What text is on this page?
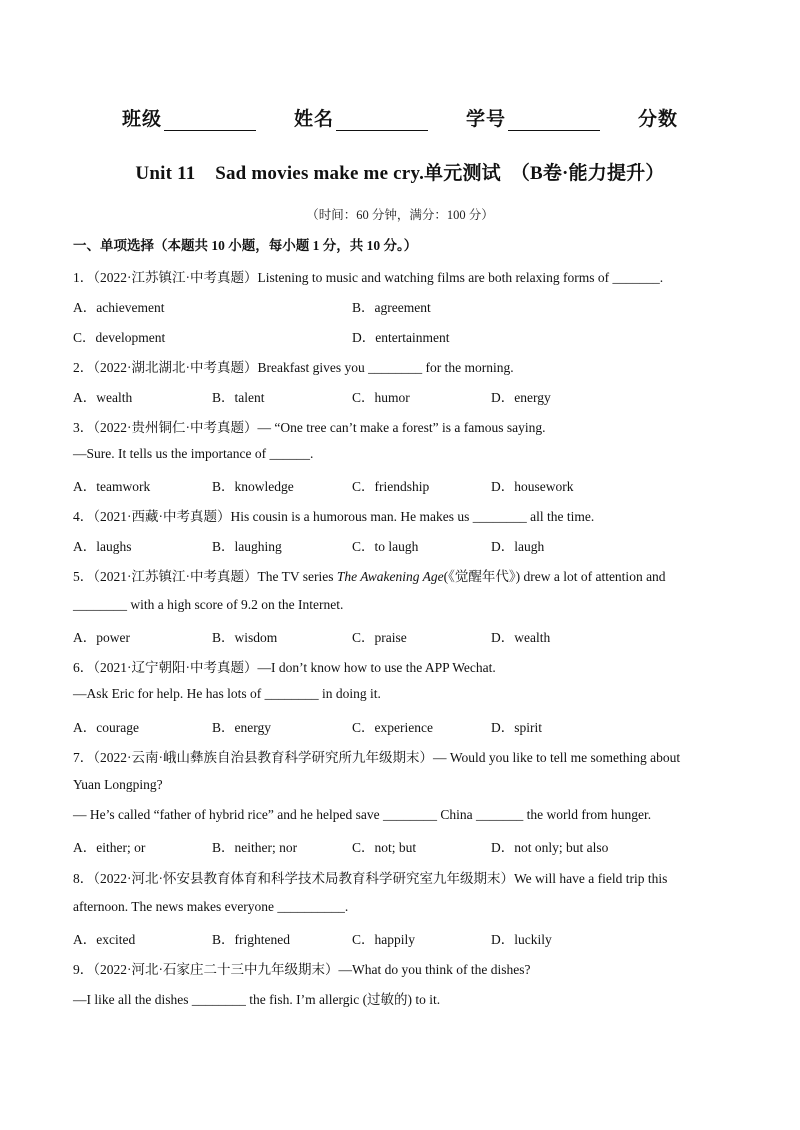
班级	姓名	学号	分数
Unit 11    Sad movies make me cry.单元测试  （B卷·能力提升）
（时间：60 分钟，满分：100 分）
一、单项选择（本题共 10 小题，每小题 1 分，共 10 分。）
1．（2022·江苏镇江·中考真题）Listening to music and watching films are both relaxing forms of _______.
A．achievement	B．agreement
C．development	D．entertainment
2．（2022·湖北湖北·中考真题）Breakfast gives you ________ for the morning.
A．wealth	B．talent	C．humor	D．energy
3．（2022·贵州铜仁·中考真题）— “One tree can’t make a forest” is a famous saying.
—Sure. It tells us the importance of ______.
A．teamwork	B．knowledge	C．friendship	D．housework
4．（2021·西藏·中考真题）His cousin is a humorous man. He makes us ________ all the time.
A．laughs	B．laughing	C．to laugh	D．laugh
5．（2021·江苏镇江·中考真题）The TV series The Awakening Age(《觉醒年代》) drew a lot of attention and
________ with a high score of 9.2 on the Internet.
A．power	B．wisdom	C．praise	D．wealth
6．（2021·辽宁朝阳·中考真题）—I don’t know how to use the APP Wechat.
—Ask Eric for help. He has lots of ________ in doing it.
A．courage	B．energy	C．experience	D．spirit
7．（2022·云南·峨山彝族自治县教育科学研究所九年级期末）— Would you like to tell me something about
Yuan Longping?
— He’s called “father of hybrid rice” and he helped save ________ China _______ the world from hunger.
A．either; or	B．neither; nor	C．not; but	D．not only; but also
8．（2022·河北·怀安县教育体育和科学技术局教育科学研究室九年级期末）We will have a field trip this
afternoon. The news makes everyone __________.
A．excited	B．frightened	C．happily	D．luckily
9．（2022·河北·石家庄二十三中九年级期末）—What do you think of the dishes?
—I like all the dishes ________ the fish. I’m allergic (过敏的) to it.
